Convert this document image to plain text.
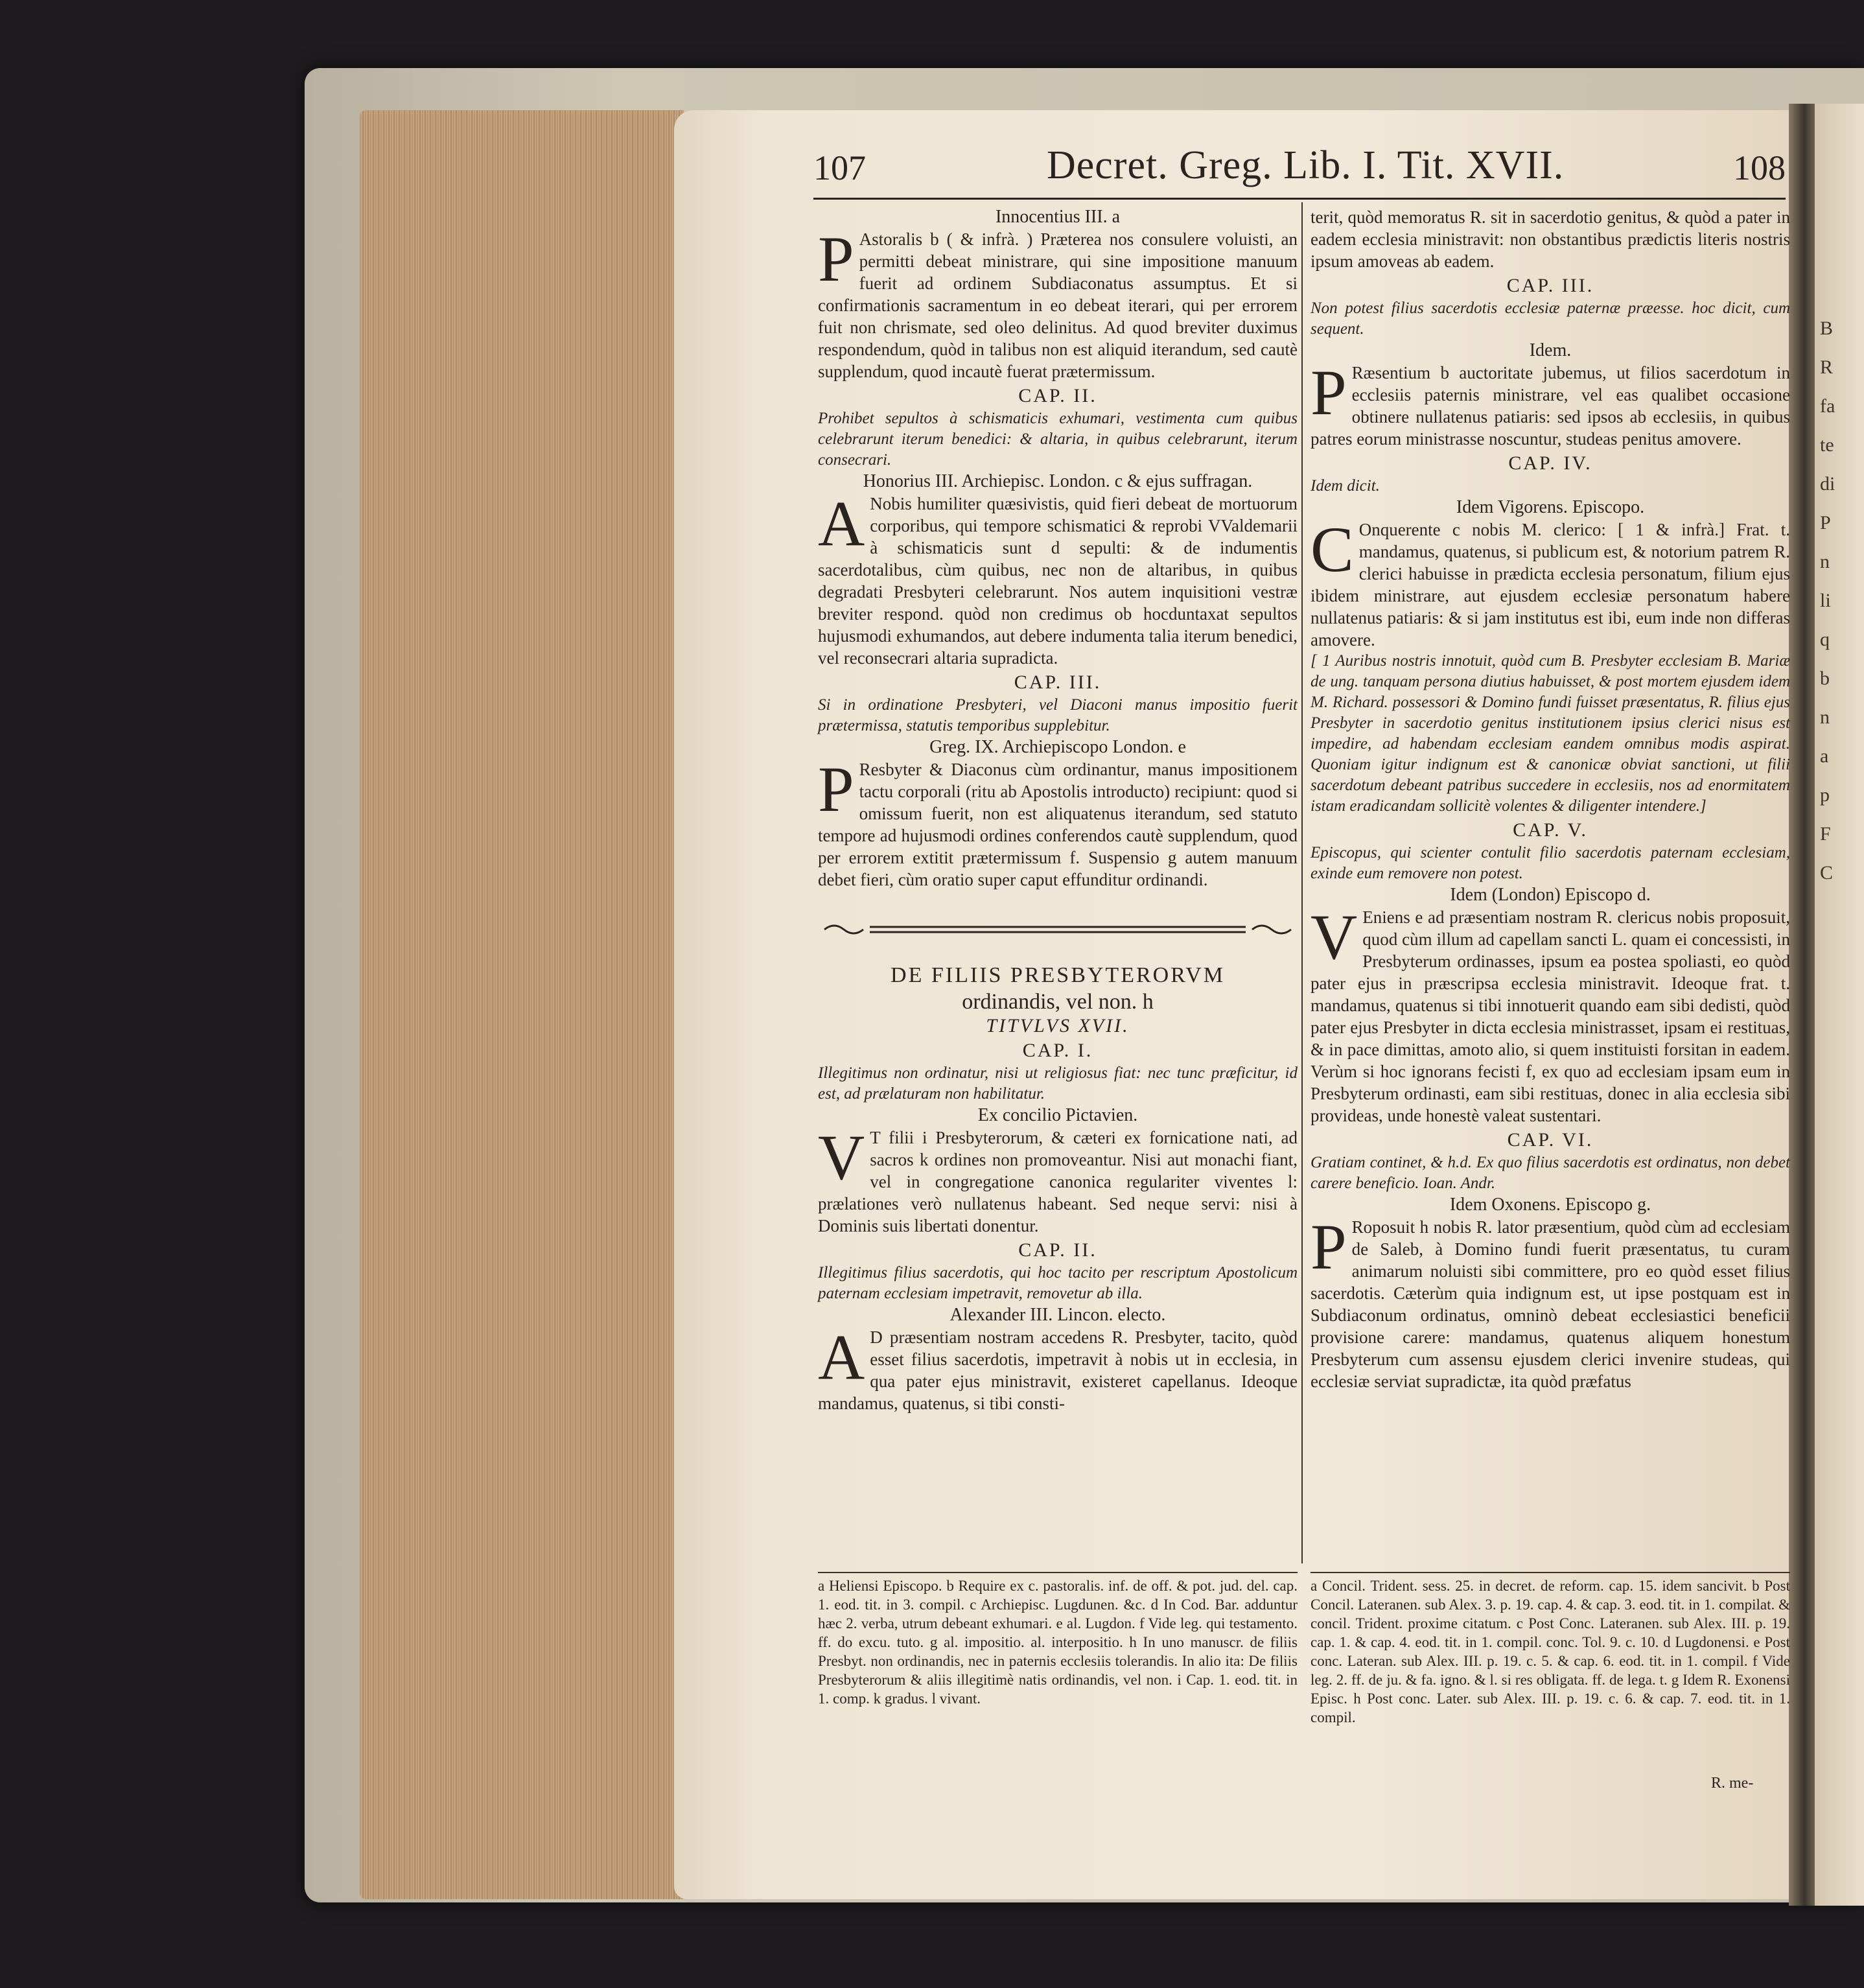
B
R
fa
te
di
P
n
li
q
b
n
a
p
F
C
107	Decret. Greg. Lib. I. Tit. XVII.	108
Innocentius III. a
P Astoralis b ( & infrà. ) Præterea nos consulere voluisti, an permitti debeat ministrare, qui sine impositione manuum fuerit ad ordinem Subdiaconatus assumptus. Et si confirmationis sacramentum in eo debeat iterari, qui per errorem fuit non chrismate, sed oleo delinitus. Ad quod breviter duximus respondendum, quòd in talibus non est aliquid iterandum, sed cautè supplendum, quod incautè fuerat prætermissum.
CAP. II.
Prohibet sepultos à schismaticis exhumari, vestimenta cum quibus celebrarunt iterum benedici: & altaria, in quibus celebrarunt, iterum consecrari.
Honorius III. Archiepisc. London. c & ejus suffragan.
A Nobis humiliter quæsivistis, quid fieri debeat de mortuorum corporibus, qui tempore schismatici & reprobi VValdemarii à schismaticis sunt d sepulti: & de indumentis sacerdotalibus, cùm quibus, nec non de altaribus, in quibus degradati Presbyteri celebrarunt. Nos autem inquisitioni vestræ breviter respond. quòd non credimus ob hocduntaxat sepultos hujusmodi exhumandos, aut debere indumenta talia iterum benedici, vel reconsecrari altaria supradicta.
CAP. III.
Si in ordinatione Presbyteri, vel Diaconi manus impositio fuerit prætermissa, statutis temporibus supplebitur.
Greg. IX. Archiepiscopo London. e
P Resbyter & Diaconus cùm ordinantur, manus impositionem tactu corporali (ritu ab Apostolis introducto) recipiunt: quod si omissum fuerit, non est aliquatenus iterandum, sed statuto tempore ad hujusmodi ordines conferendos cautè supplendum, quod per errorem extitit prætermissum f. Suspensio g autem manuum debet fieri, cùm oratio super caput effunditur ordinandi.
DE FILIIS PRESBYTERORVM
ordinandis, vel non. h
TITVLVS XVII.
CAP. I.
Illegitimus non ordinatur, nisi ut religiosus fiat: nec tunc præficitur, id est, ad prælaturam non habilitatur.
Ex concilio Pictavien.
V T filii i Presbyterorum, & cæteri ex fornicatione nati, ad sacros k ordines non promoveantur. Nisi aut monachi fiant, vel in congregatione canonica regulariter viventes l: prælationes verò nullatenus habeant. Sed neque servi: nisi à Dominis suis libertati donentur.
CAP. II.
Illegitimus filius sacerdotis, qui hoc tacito per rescriptum Apostolicum paternam ecclesiam impetravit, removetur ab illa.
Alexander III. Lincon. electo.
A D præsentiam nostram accedens R. Presbyter, tacito, quòd esset filius sacerdotis, impetravit à nobis ut in ecclesia, in qua pater ejus ministravit, existeret capellanus. Ideoque mandamus, quatenus, si tibi consti-
terit, quòd memoratus R. sit in sacerdotio genitus, & quòd a pater in eadem ecclesia ministravit: non obstantibus prædictis literis nostris ipsum amoveas ab eadem.
CAP. III.
Non potest filius sacerdotis ecclesiæ paternæ præesse. hoc dicit, cum sequent.
Idem.
P Ræsentium b auctoritate jubemus, ut filios sacerdotum in ecclesiis paternis ministrare, vel eas qualibet occasione obtinere nullatenus patiaris: sed ipsos ab ecclesiis, in quibus patres eorum ministrasse noscuntur, studeas penitus amovere.
CAP. IV.
Idem dicit.
Idem Vigorens. Episcopo.
C Onquerente c nobis M. clerico: [ 1 & infrà.] Frat. t. mandamus, quatenus, si publicum est, & notorium patrem R. clerici habuisse in prædicta ecclesia personatum, filium ejus ibidem ministrare, aut ejusdem ecclesiæ personatum habere nullatenus patiaris: & si jam institutus est ibi, eum inde non differas amovere.
[ 1 Auribus nostris innotuit, quòd cum B. Presbyter ecclesiam B. Mariæ de ung. tanquam persona diutius habuisset, & post mortem ejusdem idem M. Richard. possessori & Domino fundi fuisset præsentatus, R. filius ejus Presbyter in sacerdotio genitus institutionem ipsius clerici nisus est impedire, ad habendam ecclesiam eandem omnibus modis aspirat. Quoniam igitur indignum est & canonicæ obviat sanctioni, ut filii sacerdotum debeant patribus succedere in ecclesiis, nos ad enormitatem istam eradicandam sollicitè volentes & diligenter intendere.]
CAP. V.
Episcopus, qui scienter contulit filio sacerdotis paternam ecclesiam, exinde eum removere non potest.
Idem (London) Episcopo d.
V Eniens e ad præsentiam nostram R. clericus nobis proposuit, quod cùm illum ad capellam sancti L. quam ei concessisti, in Presbyterum ordinasses, ipsum ea postea spoliasti, eo quòd pater ejus in præscripsa ecclesia ministravit. Ideoque frat. t. mandamus, quatenus si tibi innotuerit quando eam sibi dedisti, quòd pater ejus Presbyter in dicta ecclesia ministrasset, ipsam ei restituas, & in pace dimittas, amoto alio, si quem instituisti forsitan in eadem. Verùm si hoc ignorans fecisti f, ex quo ad ecclesiam ipsam eum in Presbyterum ordinasti, eam sibi restituas, donec in alia ecclesia sibi provideas, unde honestè valeat sustentari.
CAP. VI.
Gratiam continet, & h.d. Ex quo filius sacerdotis est ordinatus, non debet carere beneficio. Ioan. Andr.
Idem Oxonens. Episcopo g.
P Roposuit h nobis R. lator præsentium, quòd cùm ad ecclesiam de Saleb, à Domino fundi fuerit præsentatus, tu curam animarum noluisti sibi committere, pro eo quòd esset filius sacerdotis. Cæterùm quia indignum est, ut ipse postquam est in Subdiaconum ordinatus, omninò debeat ecclesiastici beneficii provisione carere: mandamus, quatenus aliquem honestum Presbyterum cum assensu ejusdem clerici invenire studeas, qui ecclesiæ serviat supradictæ, ita quòd præfatus
a Heliensi Episcopo. b Require ex c. pastoralis. inf. de off. & pot. jud. del. cap. 1. eod. tit. in 3. compil. c Archiepisc. Lugdunen. &c. d In Cod. Bar. adduntur hæc 2. verba, utrum debeant exhumari. e al. Lugdon. f Vide leg. qui testamento. ff. do excu. tuto. g al. impositio. al. interpositio. h In uno manuscr. de filiis Presbyt. non ordinandis, nec in paternis ecclesiis tolerandis. In alio ita: De filiis Presbyterorum & aliis illegitimè natis ordinandis, vel non. i Cap. 1. eod. tit. in 1. comp. k gradus. l vivant.
a Concil. Trident. sess. 25. in decret. de reform. cap. 15. idem sancivit. b Post Concil. Lateranen. sub Alex. 3. p. 19. cap. 4. & cap. 3. eod. tit. in 1. compilat. & concil. Trident. proxime citatum. c Post Conc. Lateranen. sub Alex. III. p. 19. cap. 1. & cap. 4. eod. tit. in 1. compil. conc. Tol. 9. c. 10. d Lugdonensi. e Post conc. Lateran. sub Alex. III. p. 19. c. 5. & cap. 6. eod. tit. in 1. compil. f Vide leg. 2. ff. de ju. & fa. igno. & l. si res obligata. ff. de lega. t. g Idem R. Exonensi Episc. h Post conc. Later. sub Alex. III. p. 19. c. 6. & cap. 7. eod. tit. in 1. compil.
R. me-
